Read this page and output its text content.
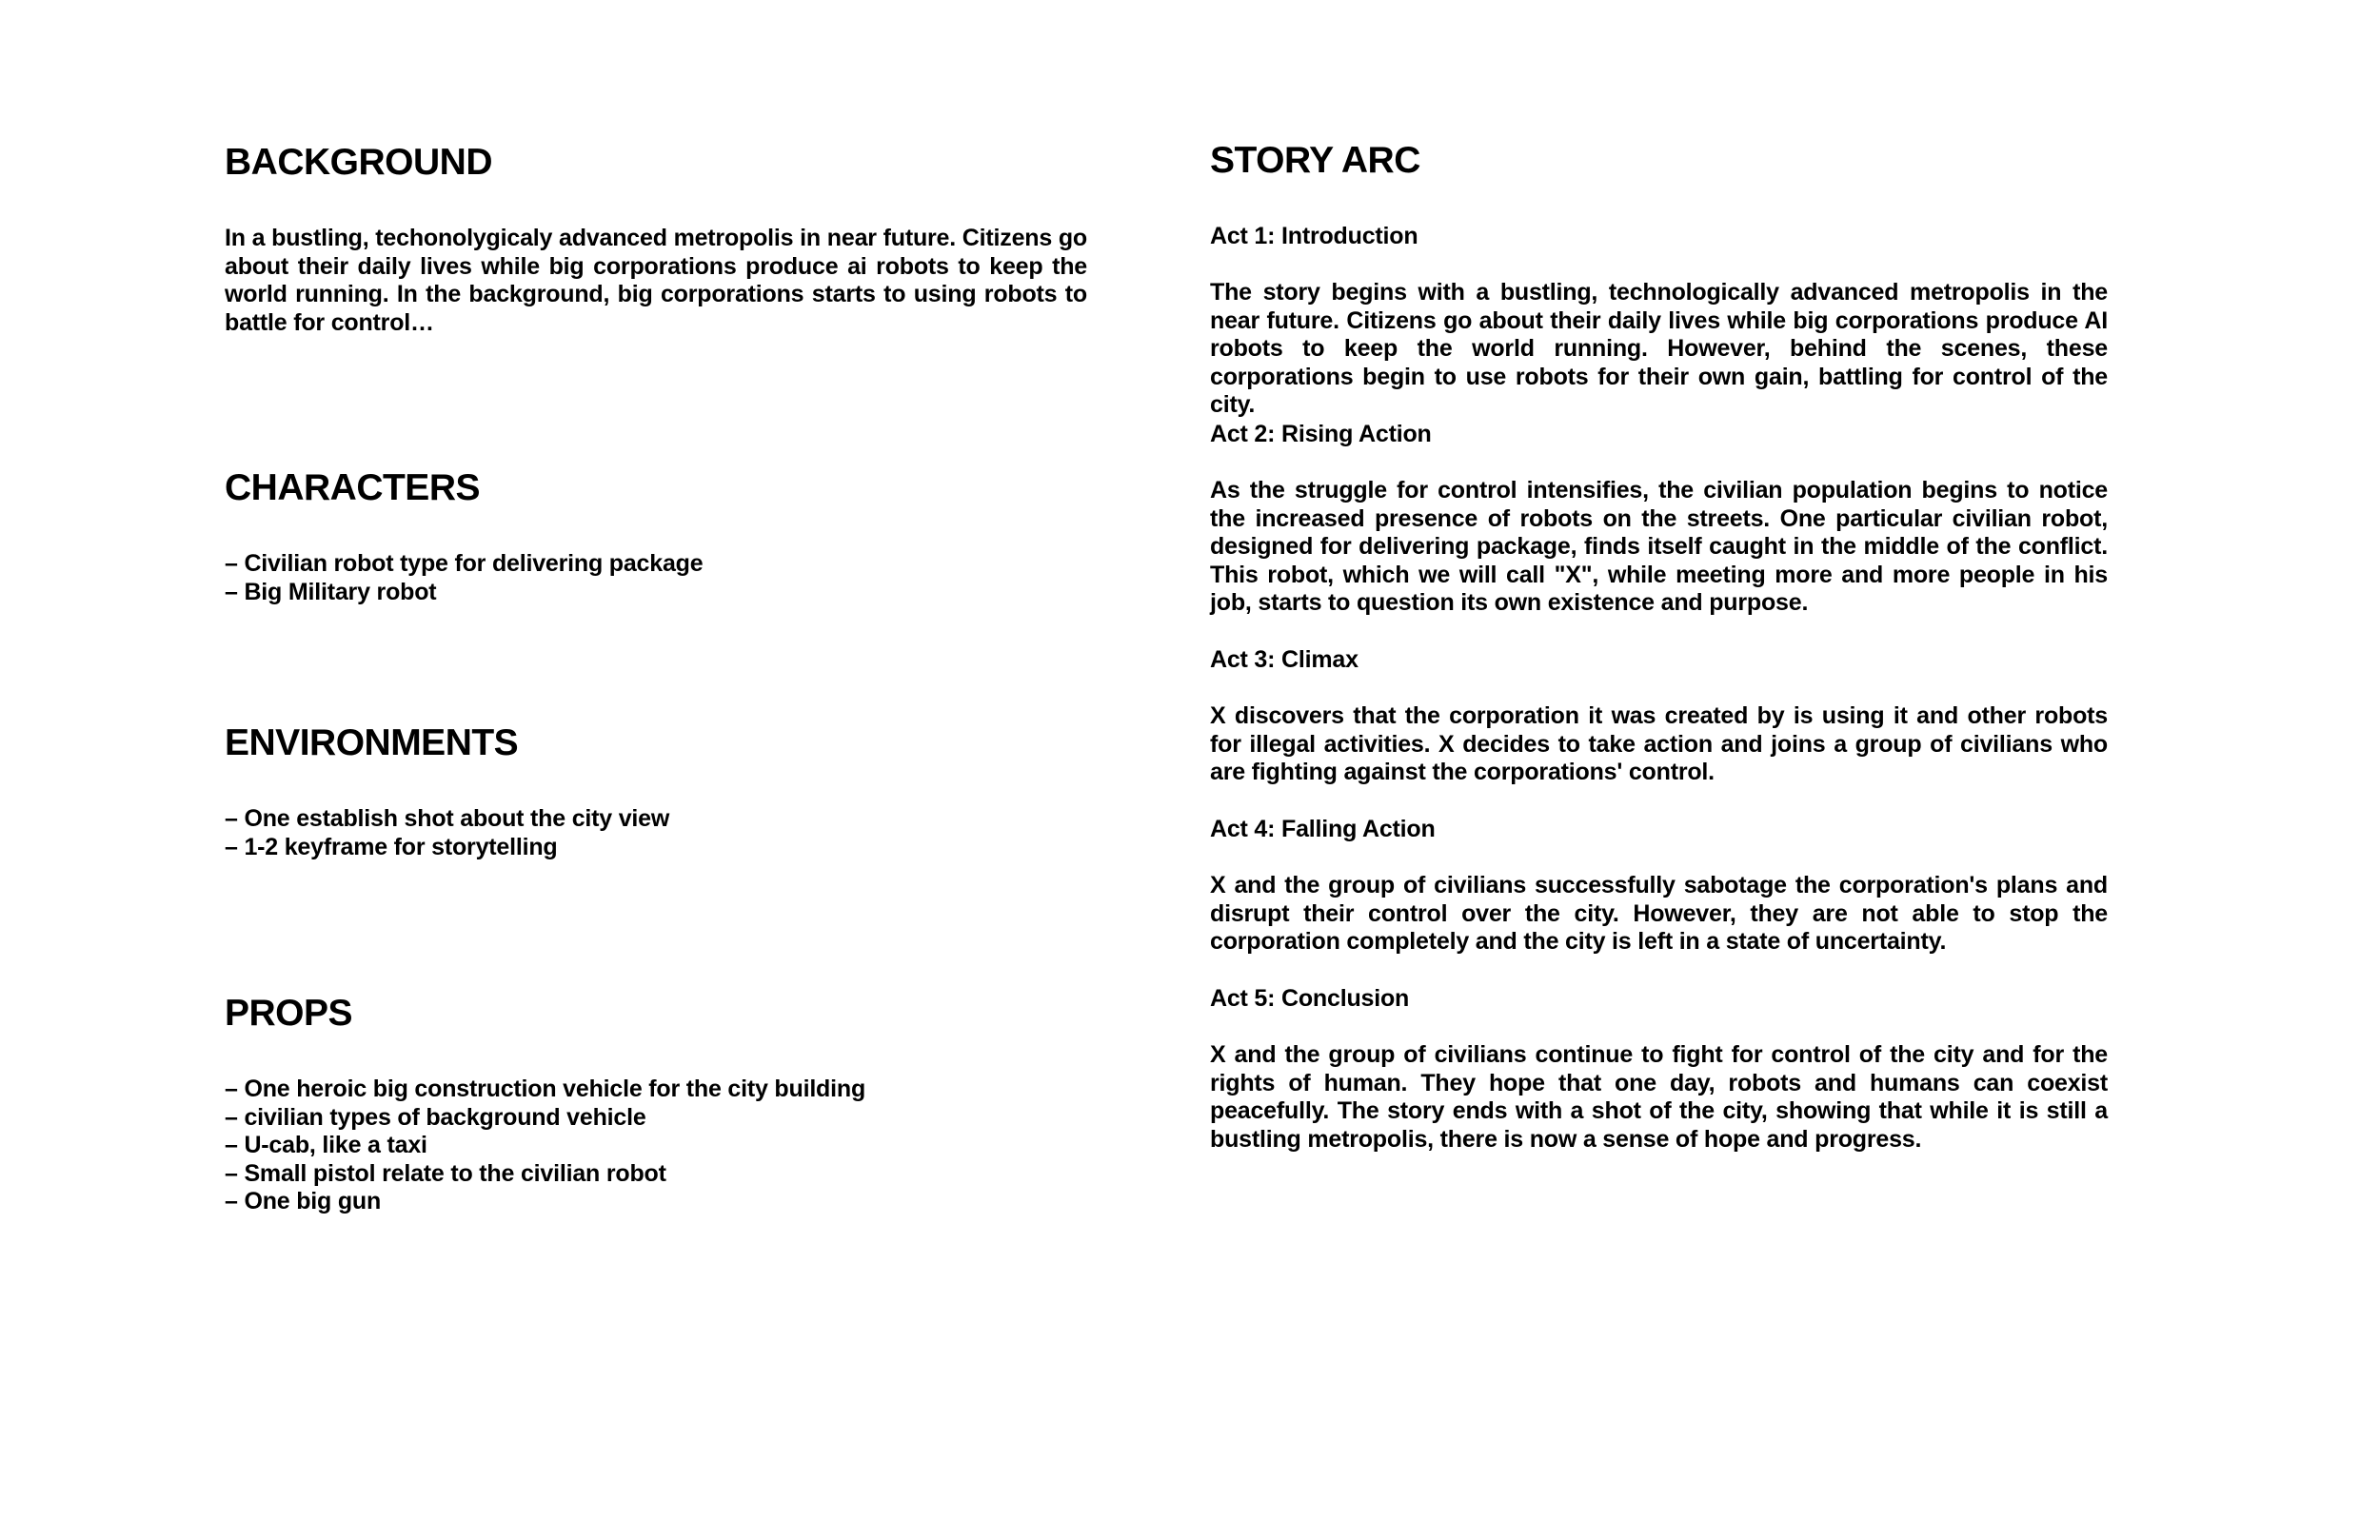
BACKGROUND

In a bustling, techonolygicaly advanced metropolis in near future. Citizens go about their daily lives while big corporations produce ai robots to keep the world running. In the background, big corporations starts to using robots to battle for control…

CHARACTERS
– Civilian robot type for delivering package
– Big Military robot
ENVIRONMENTS
– One establish shot about the city view
– 1-2 keyframe for storytelling
PROPS
– One heroic big construction vehicle for the city building
– civilian types of background vehicle
– U-cab, like a taxi
– Small pistol relate to the civilian robot
– One big gun
STORY ARC

Act 1: Introduction

The story begins with a bustling, technologically advanced metropolis in the near future. Citizens go about their daily lives while big corporations produce AI robots to keep the world running. However, behind the scenes, these corporations begin to use robots for their own gain, battling for control of the city.

Act 2: Rising Action

As the struggle for control intensifies, the civilian population begins to notice the increased presence of robots on the streets. One particular civilian robot, designed for delivering package, finds itself caught in the middle of the conflict. This robot, which we will call "X", while meeting more and more people in his job, starts to question its own existence and purpose.

Act 3: Climax

X discovers that the corporation it was created by is using it and other robots for illegal activities. X decides to take action and joins a group of civilians who are fighting against the corporations' control.

Act 4: Falling Action

X and the group of civilians successfully sabotage the corporation's plans and disrupt their control over the city. However, they are not able to stop the corporation completely and the city is left in a state of uncertainty.

Act 5: Conclusion

X and the group of civilians continue to fight for control of the city and for the rights of human. They hope that one day, robots and humans can coexist peacefully. The story ends with a shot of the city, showing that while it is still a bustling metropolis, there is now a sense of hope and progress.
